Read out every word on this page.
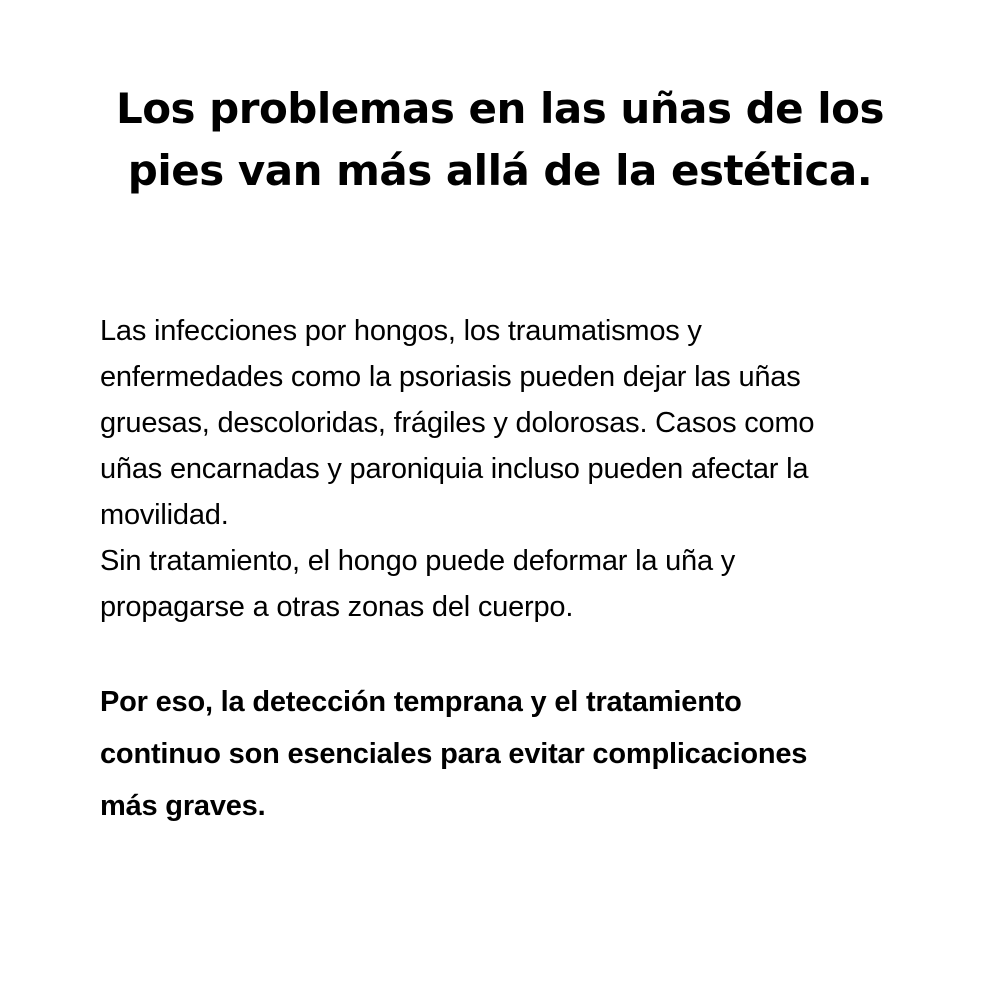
Los problemas en las uñas de los
pies van más allá de la estética.
Las infecciones por hongos, los traumatismos y
enfermedades como la psoriasis pueden dejar las uñas
gruesas, descoloridas, frágiles y dolorosas. Casos como
uñas encarnadas y paroniquia incluso pueden afectar la
movilidad.
Sin tratamiento, el hongo puede deformar la uña y
propagarse a otras zonas del cuerpo.
Por eso, la detección temprana y el tratamiento
continuo son esenciales para evitar complicaciones
más graves.
